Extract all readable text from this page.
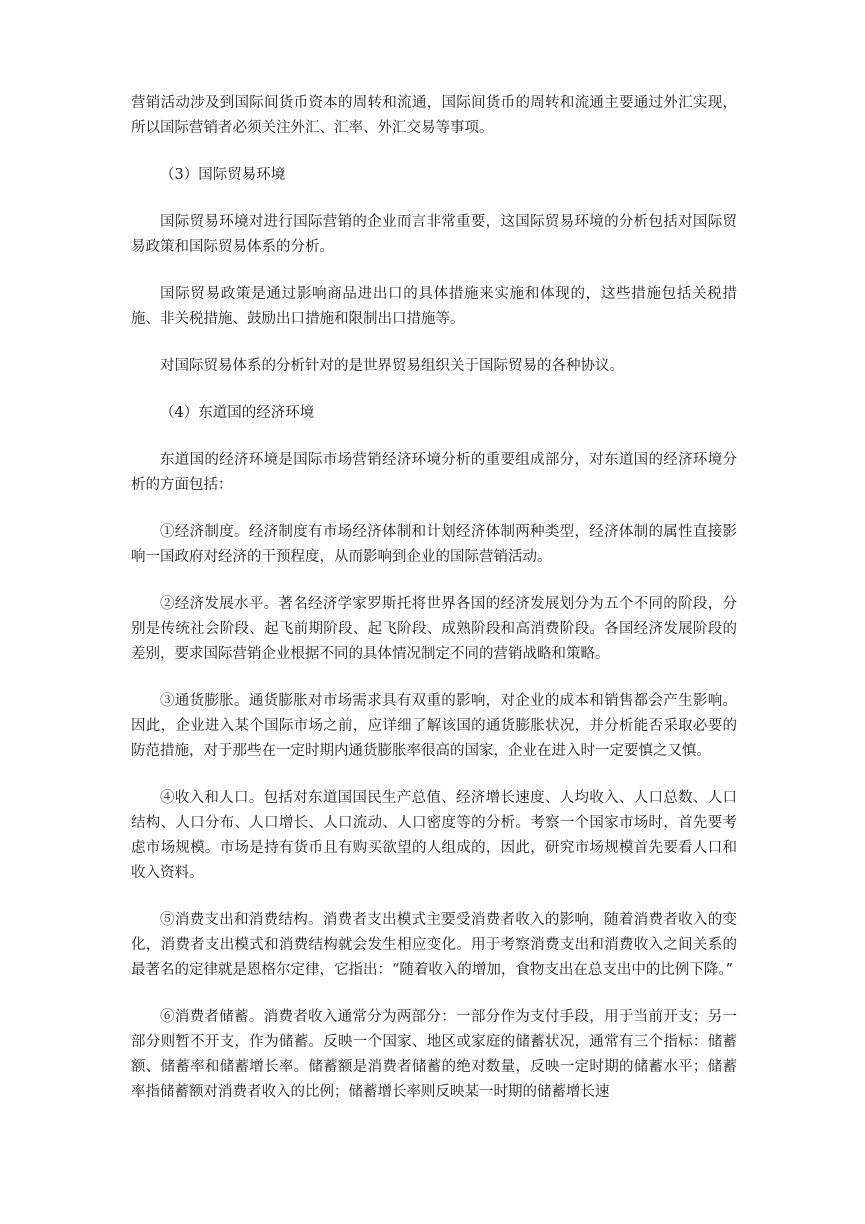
营销活动涉及到国际间货币资本的周转和流通，国际间货币的周转和流通主要通过外汇实现，所以国际营销者必须关注外汇、汇率、外汇交易等事项。

（3）国际贸易环境

国际贸易环境对进行国际营销的企业而言非常重要，这国际贸易环境的分析包括对国际贸易政策和国际贸易体系的分析。

国际贸易政策是通过影响商品进出口的具体措施来实施和体现的，这些措施包括关税措施、非关税措施、鼓励出口措施和限制出口措施等。

对国际贸易体系的分析针对的是世界贸易组织关于国际贸易的各种协议。

（4）东道国的经济环境

东道国的经济环境是国际市场营销经济环境分析的重要组成部分，对东道国的经济环境分析的方面包括：

①经济制度。经济制度有市场经济体制和计划经济体制两种类型，经济体制的属性直接影响一国政府对经济的干预程度，从而影响到企业的国际营销活动。

②经济发展水平。著名经济学家罗斯托将世界各国的经济发展划分为五个不同的阶段，分别是传统社会阶段、起飞前期阶段、起飞阶段、成熟阶段和高消费阶段。各国经济发展阶段的差别，要求国际营销企业根据不同的具体情况制定不同的营销战略和策略。

③通货膨胀。通货膨胀对市场需求具有双重的影响，对企业的成本和销售都会产生影响。因此，企业进入某个国际市场之前，应详细了解该国的通货膨胀状况，并分析能否采取必要的防范措施，对于那些在一定时期内通货膨胀率很高的国家，企业在进入时一定要慎之又慎。

④收入和人口。包括对东道国国民生产总值、经济增长速度、人均收入、人口总数、人口结构、人口分布、人口增长、人口流动、人口密度等的分析。考察一个国家市场时，首先要考虑市场规模。市场是持有货币且有购买欲望的人组成的，因此，研究市场规模首先要看人口和收入资料。

⑤消费支出和消费结构。消费者支出模式主要受消费者收入的影响，随着消费者收入的变化，消费者支出模式和消费结构就会发生相应变化。用于考察消费支出和消费收入之间关系的最著名的定律就是恩格尔定律，它指出：“随着收入的增加，食物支出在总支出中的比例下降。”

⑥消费者储蓄。消费者收入通常分为两部分：一部分作为支付手段，用于当前开支；另一部分则暂不开支，作为储蓄。反映一个国家、地区或家庭的储蓄状况，通常有三个指标：储蓄额、储蓄率和储蓄增长率。储蓄额是消费者储蓄的绝对数量，反映一定时期的储蓄水平；储蓄率指储蓄额对消费者收入的比例；储蓄增长率则反映某一时期的储蓄增长速
